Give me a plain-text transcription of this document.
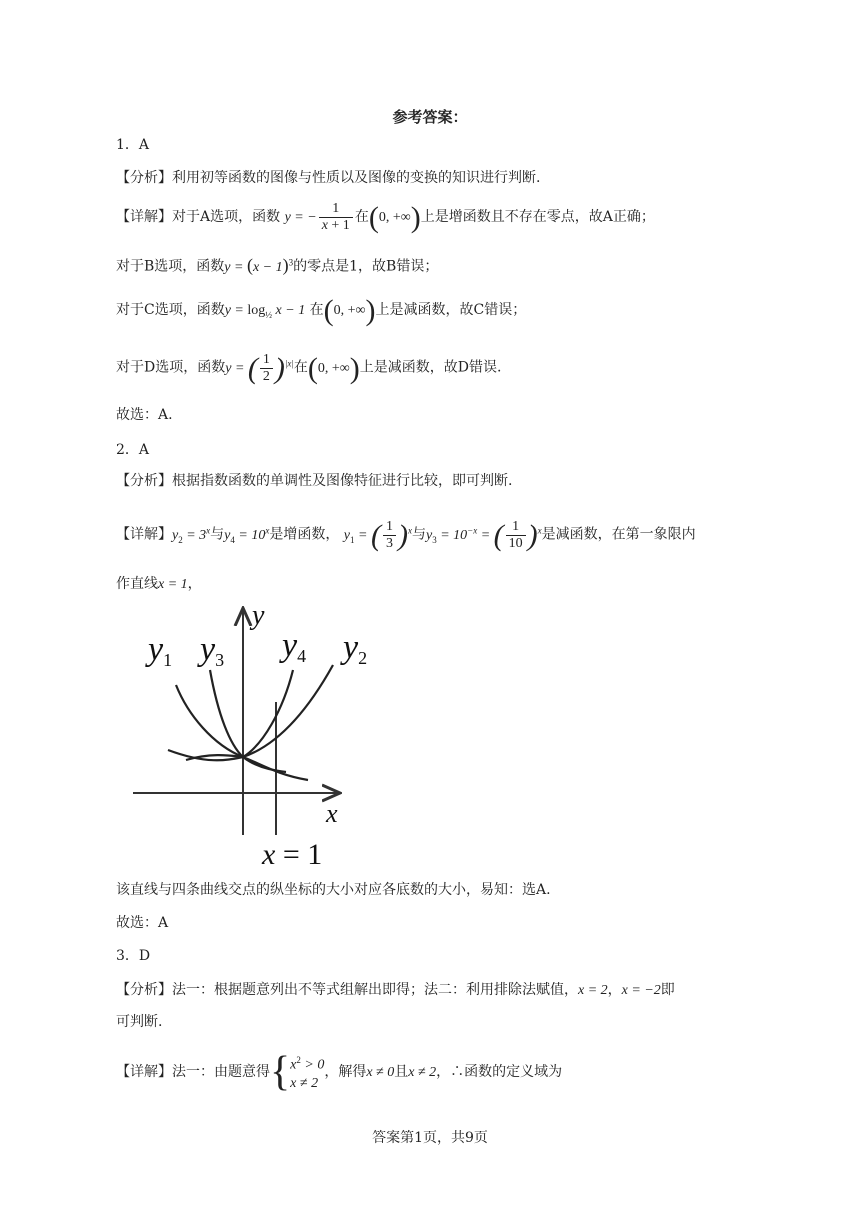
参考答案：
1．A
【分析】利用初等函数的图像与性质以及图像的变换的知识进行判断.
【详解】对于A选项，函数 y = − $\frac{1}{x + 1}$ 在(0, +∞)上是增函数且不存在零点，故A正确；
对于B选项，函数$y = (x - 1)^3$的零点是1，故B错误；
对于C选项，函数$y = \log_{\frac{1}{2}} x - 1$ 在(0, +∞)上是减函数，故C错误；
对于D选项，函数y = ( $\frac{1}{2} )^{|x|}$在(0, +∞)上是减函数，故D错误.
故选：A.
2．A
【分析】根据指数函数的单调性及图像特征进行比较，即可判断.
【详解】$y_2 = 3^x$与$y_4 = 10^x$是增函数， $y_1$ = ( $\frac{1}{3} )^x$与$y_3 = 10^{-x}$ = ( $\frac{1}{10} )^x$是减函数，在第一象限内
作直线x = 1，
y1 y3 y4 y2
y
x
x = 1
该直线与四条曲线交点的纵坐标的大小对应各底数的大小，易知：选A.
故选：A
3．D
【分析】法一：根据题意列出不等式组解出即得；法二：利用排除法赋值，x = 2，x = −2即
可判断.
【详解】法一：由题意得{$x^2 > 0$
x ≠ 2，解得x ≠ 0且x ≠ 2，∴函数的定义域为
答案第1页，共9页
